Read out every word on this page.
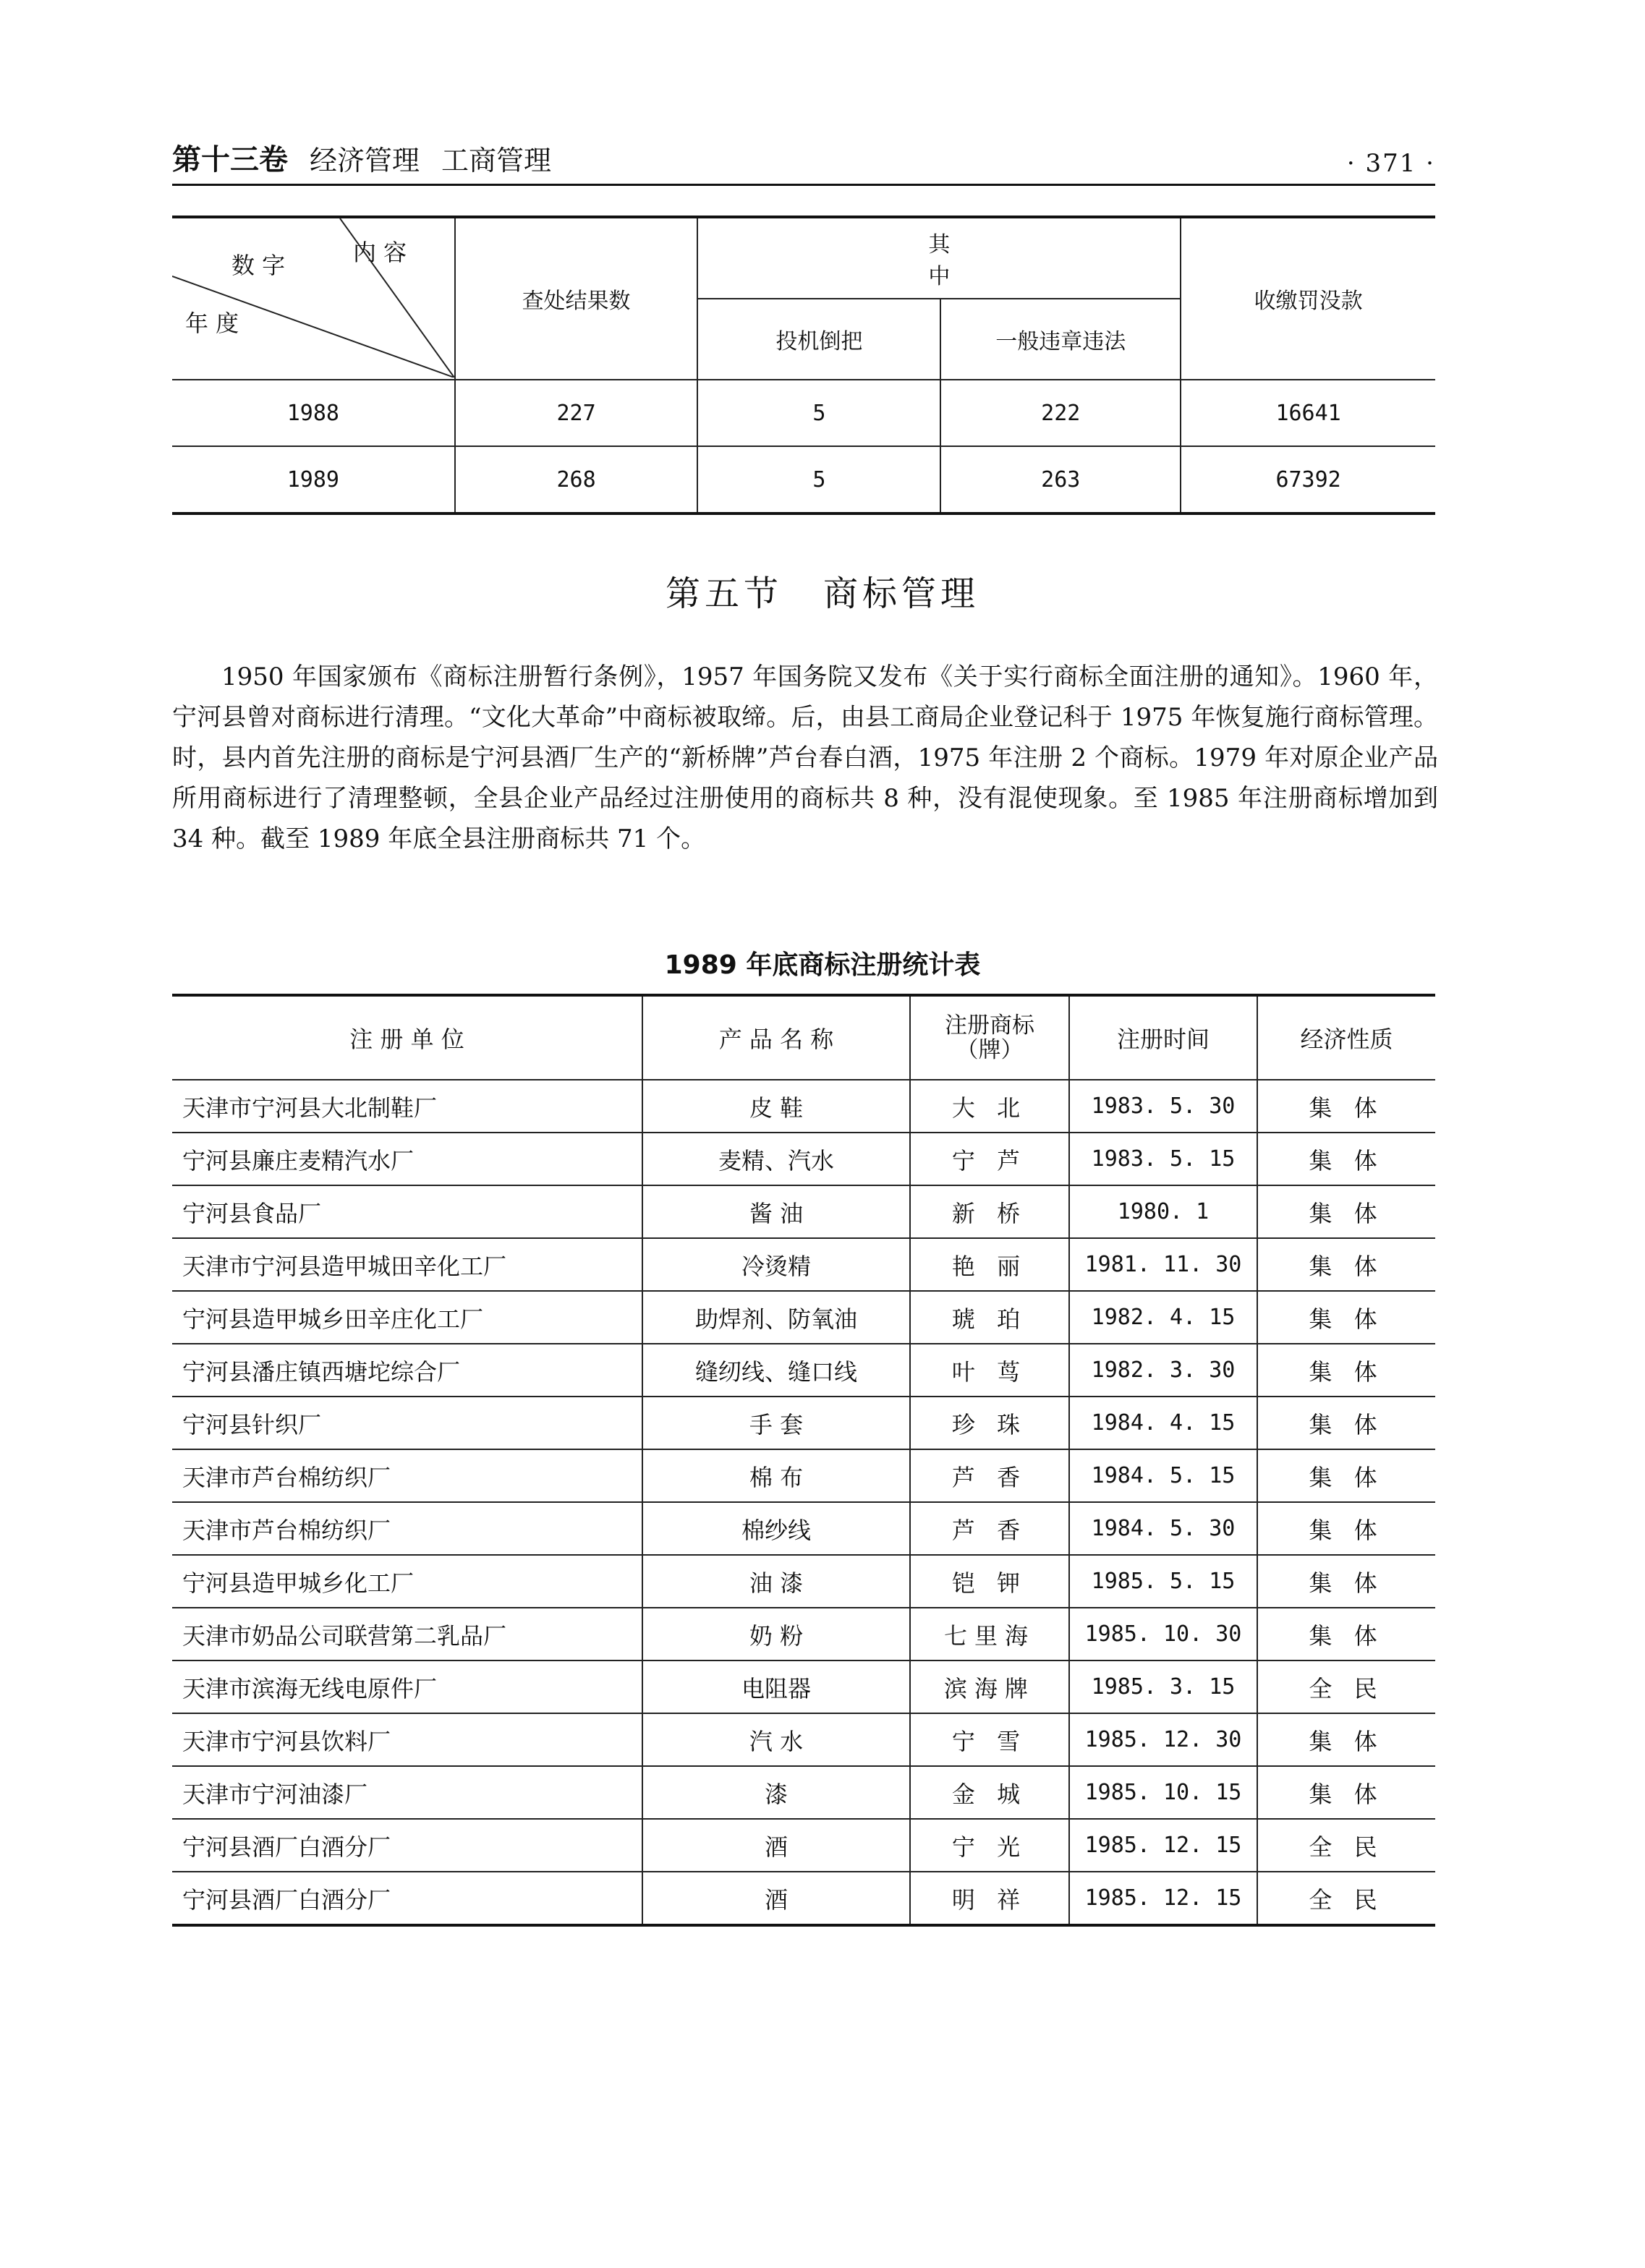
第十三卷 经济管理 工商管理	· 371 ·
内 容
数 字
年 度	查处结果数	其 中		收缴罚没款
		投机倒把	一般违章违法	
1988	227	5	222	16641
1989	268	5	263	67392
第五节 商标管理

1950 年国家颁布《商标注册暂行条例》，1957 年国务院又发布《关于实行商标全面注册的通知》。1960 年，宁河县曾对商标进行清理。“文化大革命”中商标被取缔。后，由县工商局企业登记科于 1975 年恢复施行商标管理。时，县内首先注册的商标是宁河县酒厂生产的“新桥牌”芦台春白酒，1975 年注册 2 个商标。1979 年对原企业产品所用商标进行了清理整顿，全县企业产品经过注册使用的商标共 8 种，没有混使现象。至 1985 年注册商标增加到 34 种。截至 1989 年底全县注册商标共 71 个。

1989 年底商标注册统计表
注 册 单 位	产 品 名 称	注册商标（牌）	注册时间	经济性质
天津市宁河县大北制鞋厂	皮 鞋	大 北	1983. 5. 30	集 体
宁河县廉庄麦精汽水厂	麦精、汽水	宁 芦	1983. 5. 15	集 体
宁河县食品厂	酱 油	新 桥	1980. 1	集 体
天津市宁河县造甲城田辛化工厂	冷烫精	艳 丽	1981. 11. 30	集 体
宁河县造甲城乡田辛庄化工厂	助焊剂、防氧油	琥 珀	1982. 4. 15	集 体
宁河县潘庄镇西塘坨综合厂	缝纫线、缝口线	叶 茑	1982. 3. 30	集 体
宁河县针织厂	手 套	珍 珠	1984. 4. 15	集 体
天津市芦台棉纺织厂	棉 布	芦 香	1984. 5. 15	集 体
天津市芦台棉纺织厂	棉纱线	芦 香	1984. 5. 30	集 体
宁河县造甲城乡化工厂	油 漆	铠 钾	1985. 5. 15	集 体
天津市奶品公司联营第二乳品厂	奶 粉	七里海	1985. 10. 30	集 体
天津市滨海无线电原件厂	电阻器	滨海牌	1985. 3. 15	全 民
天津市宁河县饮料厂	汽 水	宁 雪	1985. 12. 30	集 体
天津市宁河油漆厂	漆	金 城	1985. 10. 15	集 体
宁河县酒厂白酒分厂	酒	宁 光	1985. 12. 15	全 民
宁河县酒厂白酒分厂	酒	明 祥	1985. 12. 15	全 民
